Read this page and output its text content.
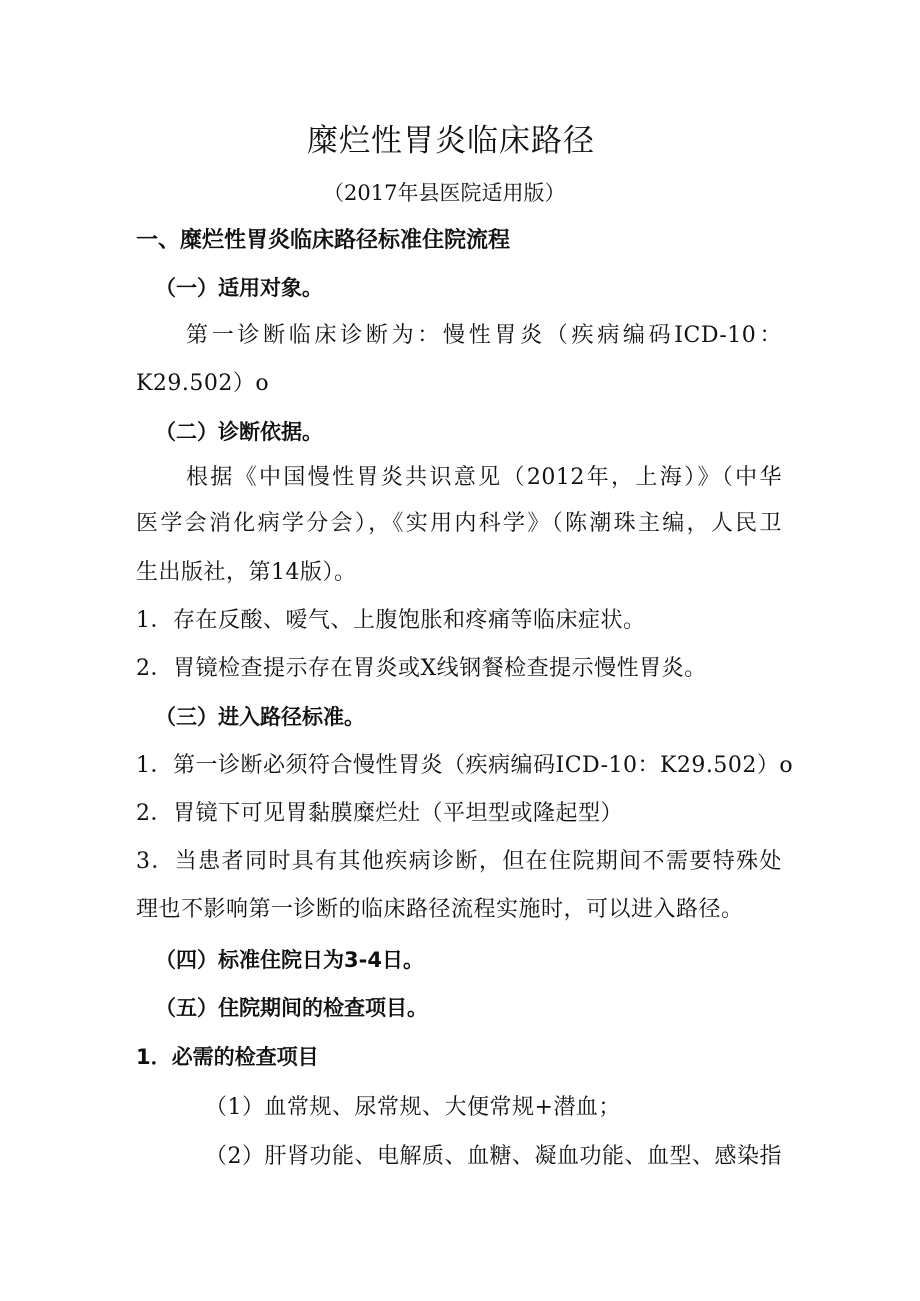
糜烂性胃炎临床路径
（2017年县医院适用版）
一、糜烂性胃炎临床路径标准住院流程
（一）适用对象。
第一诊断临床诊断为：慢性胃炎（疾病编码ICD-10：
K29.502）o
（二）诊断依据。
根据《中国慢性胃炎共识意见（2012年，上海）》（中华
医学会消化病学分会），《实用内科学》（陈潮珠主编，人民卫
生出版社，第14版）。
1．存在反酸、嗳气、上腹饱胀和疼痛等临床症状。
2．胃镜检查提示存在胃炎或X线钢餐检查提示慢性胃炎。
（三）进入路径标准。
1．第一诊断必须符合慢性胃炎（疾病编码ICD-10：K29.502）o
2．胃镜下可见胃黏膜糜烂灶（平坦型或隆起型）
3．当患者同时具有其他疾病诊断，但在住院期间不需要特殊处
理也不影响第一诊断的临床路径流程实施时，可以进入路径。
（四）标准住院日为3-4日。
（五）住院期间的检查项目。
1．必需的检查项目
（1）血常规、尿常规、大便常规+潜血；
（2）肝肾功能、电解质、血糖、凝血功能、血型、感染指
